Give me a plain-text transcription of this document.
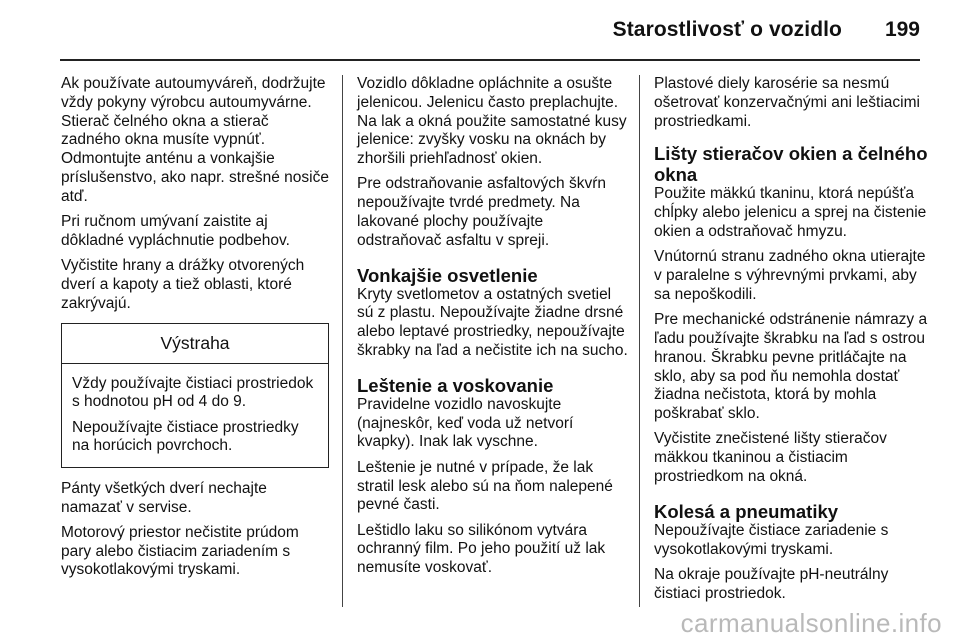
Starostlivosť o vozidlo 199

Ak používate autoumyváreň, dodržujte vždy pokyny výrobcu autoumyvárne. Stierač čelného okna a stierač zadného okna musíte vypnúť. Odmontujte anténu a vonkajšie príslušenstvo, ako napr. strešné nosiče atď.

Pri ručnom umývaní zaistite aj dôkladné vypláchnutie podbehov.

Vyčistite hrany a drážky otvorených dverí a kapoty a tiež oblasti, ktoré zakrývajú.

Výstraha

Vždy používajte čistiaci prostriedok s hodnotou pH od 4 do 9.

Nepoužívajte čistiace prostriedky na horúcich povrchoch.

Pánty všetkých dverí nechajte namazať v servise.

Motorový priestor nečistite prúdom pary alebo čistiacim zariadením s vysokotlakovými tryskami.

Vozidlo dôkladne opláchnite a osušte jelenicou. Jelenicu často preplachujte. Na lak a okná použite samostatné kusy jelenice: zvyšky vosku na oknách by zhoršili priehľadnosť okien.

Pre odstraňovanie asfaltových škvŕn nepoužívajte tvrdé predmety. Na lakované plochy používajte odstraňovač asfaltu v spreji.

Vonkajšie osvetlenie

Kryty svetlometov a ostatných svetiel sú z plastu. Nepoužívajte žiadne drsné alebo leptavé prostriedky, nepoužívajte škrabky na ľad a nečistite ich na sucho.

Leštenie a voskovanie

Pravidelne vozidlo navoskujte (najneskôr, keď voda už netvorí kvapky). Inak lak vyschne.

Leštenie je nutné v prípade, že lak stratil lesk alebo sú na ňom nalepené pevné časti.

Leštidlo laku so silikónom vytvára ochranný film. Po jeho použití už lak nemusíte voskovať.

Plastové diely karosérie sa nesmú ošetrovať konzervačnými ani leštiacimi prostriedkami.

Lišty stieračov okien a čelného okna

Použite mäkkú tkaninu, ktorá nepúšťa chĺpky alebo jelenicu a sprej na čistenie okien a odstraňovač hmyzu.

Vnútornú stranu zadného okna utierajte v paralelne s výhrevnými prvkami, aby sa nepoškodili.

Pre mechanické odstránenie námrazy a ľadu používajte škrabku na ľad s ostrou hranou. Škrabku pevne pritláčajte na sklo, aby sa pod ňu nemohla dostať žiadna nečistota, ktorá by mohla poškrabať sklo.

Vyčistite znečistené lišty stieračov mäkkou tkaninou a čistiacim prostriedkom na okná.

Kolesá a pneumatiky

Nepoužívajte čistiace zariadenie s vysokotlakovými tryskami.

Na okraje používajte pH-neutrálny čistiaci prostriedok.

carmanualsonline.info
